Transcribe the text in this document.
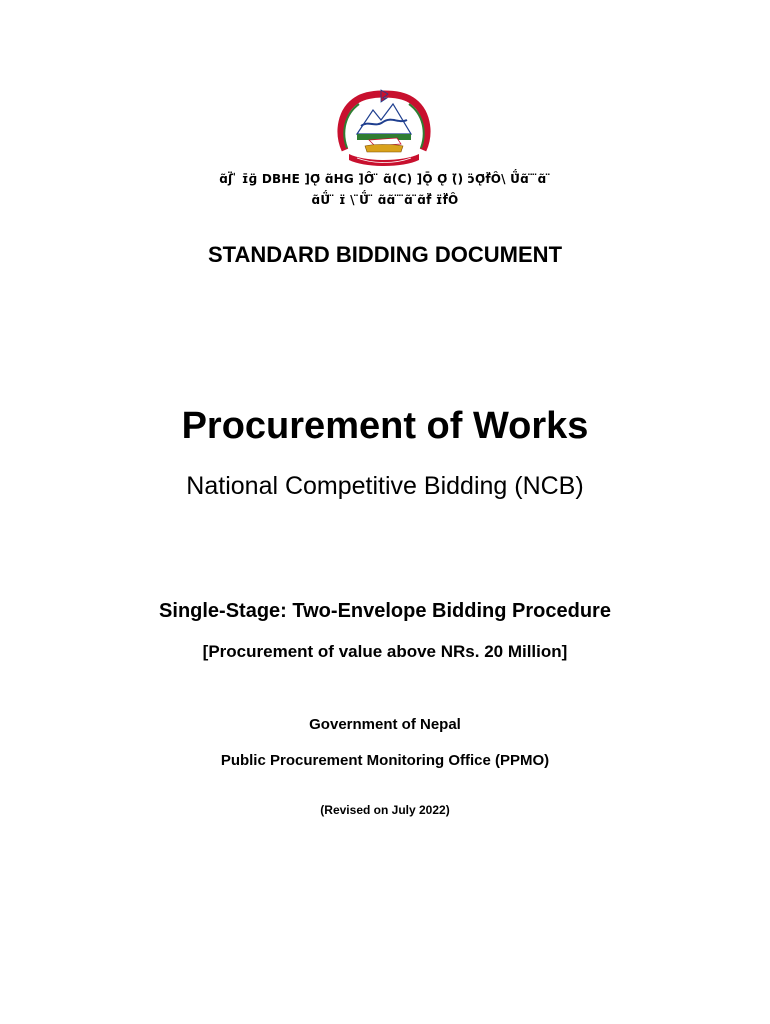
ɑ̃ʃ̈ ̍ ɪ̄ɡ̈ DBHE ]Ǫ̈ ɑ̃HG ]Ô̈ ̈ ɑ̃(C) ]Ǭ Ǫ̈ (̈) ɔ̈Ǫ̈f̈Ô\ Ǘ̈ɑ̃ ̈ ̈ɑ̃ ̈
ɑ̃Ǘ̈ ̈ ɪ̈ \ ̈Ǘ̈ ̈ ɑ̃ɑ̃ ̈ ̈ɑ̃ ̈ɑ̃f̈ ɪ̈f̈Ô
STANDARD BIDDING DOCUMENT
Procurement of Works
National Competitive Bidding (NCB)
Single-Stage: Two-Envelope Bidding Procedure
[Procurement of value above NRs. 20 Million]
Government of Nepal
Public Procurement Monitoring Office (PPMO)
(Revised on July 2022)
